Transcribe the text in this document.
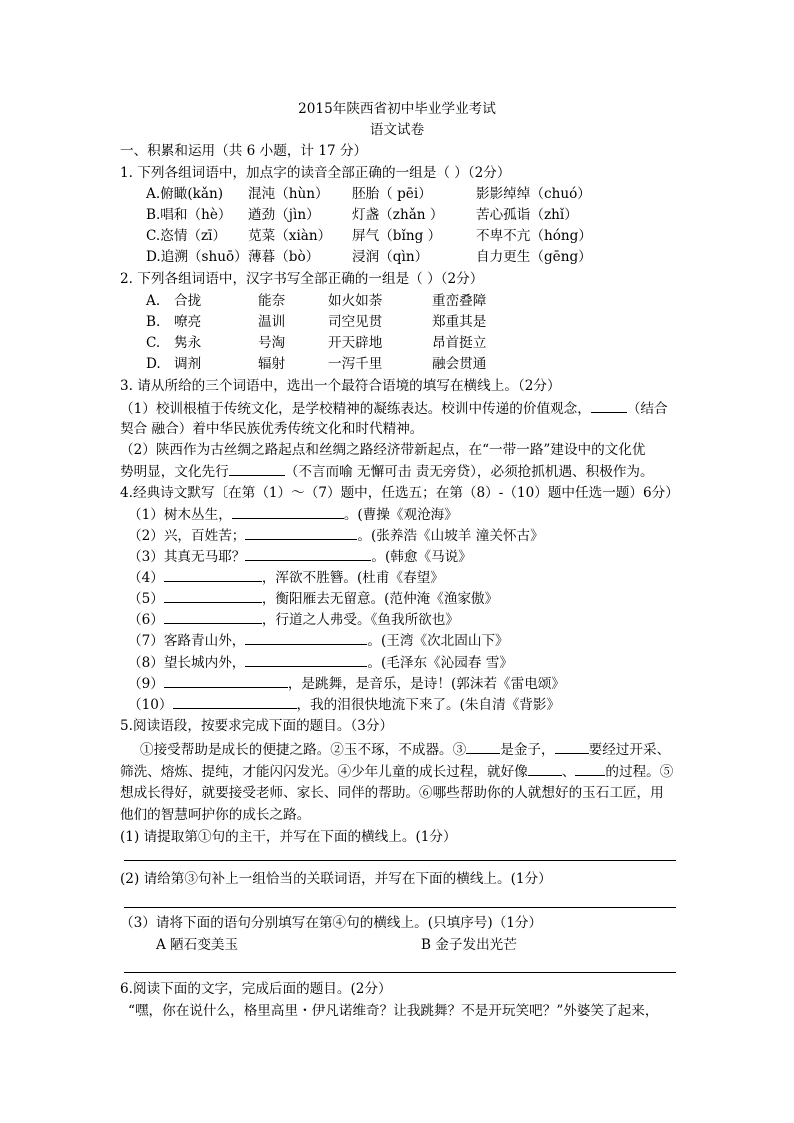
2015年陕西省初中毕业学业考试
语文试卷
一、积累和运用（共 6 小题，计 17 分）
1. 下列各组词语中，加点字的读音全部正确的一组是（ ）（2分）
A.俯瞰(kǎn) 混沌（hùn） 胚胎（ pēi）	影影绰绰（chuó）
B.唱和（hè） 遒劲（jìn） 灯盏（zhǎn ） 苦心孤诣（zhǐ）
C.恣情（zī） 苋菜（xiàn） 屏气（bǐng ）	不卑不亢（hóng）
D.追溯（shuō）薄暮（bò） 浸润（qìn）	自力更生（gēng）
2. 下列各组词语中，汉字书写全部正确的一组是（ ）（2分）
A. 合拢	能奈	如火如荼	重峦叠障
B. 嘹亮	温训	司空见贯	郑重其是
C. 隽永	号淘	开天辟地	昂首挺立
D. 调剂	辐射	一泻千里	融会贯通
3. 请从所给的三个词语中，选出一个最符合语境的填写在横线上。（2分）
（1）校训根植于传统文化，是学校精神的凝练表达。校训中传递的价值观念，	（结合
契合 融合）着中华民族优秀传统文化和时代精神。
（2）陕西作为古丝绸之路起点和丝绸之路经济带新起点，在“一带一路”建设中的文化优
势明显，文化先行	（不言而喻 无懈可击 责无旁贷），必须抢抓机遇、积极作为。
4.经典诗文默写〔在第（1）～（7）题中，任选五；在第（8）-（10）题中任选一题）6分）
（1）树木丛生，	。(曹操《观沧海》
（2）兴，百姓苦；	。(张养浩《山坡羊 潼关怀古》
（3）其真无马耶？	。(韩愈《马说》
（4）	，浑欲不胜簪。(杜甫《春望》
（5）	，衡阳雁去无留意。(范仲淹《渔家傲》
（6）	，行道之人弗受。《鱼我所欲也》
（7）客路青山外，	。(王湾《次北固山下》
（8）望长城内外，	。(毛泽东《沁园春 雪》
（9）	，是跳舞，是音乐，是诗！(郭沫若《雷电颂》
（10）	，我的泪很快地流下来了。(朱自清《背影》
5.阅读语段，按要求完成下面的题目。（3分）
①接受帮助是成长的便捷之路。②玉不琢，不成器。③	是金子，	要经过开采、
筛洗、熔炼、提纯，才能闪闪发光。④少年儿童的成长过程，就好像	、 的过程。⑤
想成长得好，就要接受老师、家长、同伴的帮助。⑥哪些帮助你的人就想好的玉石工匠，用
他们的智慧呵护你的成长之路。
(1) 请提取第①句的主干，并写在下面的横线上。(1分）
(2) 请给第③句补上一组恰当的关联词语，并写在下面的横线上。(1分）
（3）请将下面的语句分别填写在第④句的横线上。(只填序号)（1分）
A 陋石变美玉	B 金子发出光芒
6.阅读下面的文字，完成后面的题目。(2分）
“嘿，你在说什么，格里高里・伊凡诺维奇？让我跳舞？不是开玩笑吧？”外婆笑了起来，
